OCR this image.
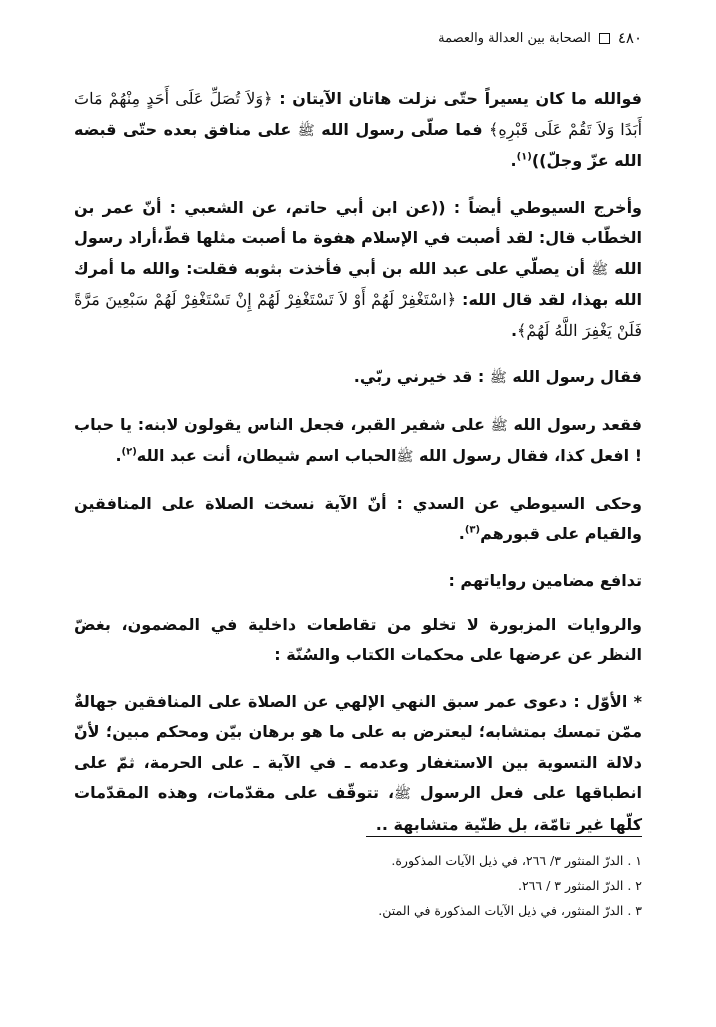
٤٨٠
الصحابة بين العدالة والعصمة

فوالله ما كان يسيراً حتّى نزلت هاتان الآيتان : ﴿وَلاَ تُصَلِّ عَلَى أَحَدٍ مِنْهُمْ مَاتَ أَبَدًا وَلاَ تَقُمْ عَلَى قَبْرِهِ﴾ فما صلّى رسول الله ﷺ على منافق بعده حتّى قبضه الله عزّ وجلّ))$^{(١)}$.

وأخرج السيوطي أيضاً : ((عن ابن أبي حاتم، عن الشعبي : أنّ عمر بن الخطّاب قال: لقد أصبت في الإسلام هفوة ما أصبت مثلها قطّ،أراد رسول الله ﷺ أن يصلّي على عبد الله بن أبي فأخذت بثوبه فقلت: والله ما أمرك الله بهذا، لقد قال الله: ﴿اسْتَغْفِرْ لَهُمْ أَوْ لاَ تَسْتَغْفِرْ لَهُمْ إِنْ تَسْتَغْفِرْ لَهُمْ سَبْعِينَ مَرَّةً فَلَنْ يَغْفِرَ اللَّهُ لَهُمْ﴾.

فقال رسول الله ﷺ : قد خيرني ربّي.

فقعد رسول الله ﷺ على شفير القبر، فجعل الناس يقولون لابنه: يا حباب ! افعل كذا، فقال رسول الله ﷺالحباب اسم شيطان، أنت عبد الله$^{(٢)}$.

وحكى السيوطي عن السدي : أنّ الآية نسخت الصلاة على المنافقين والقيام على قبورهم$^{(٣)}$.

تدافع مضامين رواياتهم :

والروايات المزبورة لا تخلو من تقاطعات داخلية في المضمون، بغضّ النظر عن عرضها على محكمات الكتاب والسُنّة :

* الأوّل : دعوى عمر سبق النهي الإلهي عن الصلاة على المنافقين جهالةٌ ممّن تمسك بمتشابه؛ ليعترض به على ما هو برهان بيّن ومحكم مبين؛ لأنّ دلالة التسوية بين الاستغفار وعدمه ـ في الآية ـ على الحرمة، ثمّ على انطباقها على فعل الرسول ﷺ، تتوقّف على مقدّمات، وهذه المقدّمات كلّها غير تامّة، بل ظنّية متشابهة ..

١ . الدرّ المنثور ٣/ ٢٦٦، في ذيل الآيات المذكورة.

٢ . الدرّ المنثور ٣ / ٢٦٦.

٣ . الدرّ المنثور، في ذيل الآيات المذكورة في المتن.
